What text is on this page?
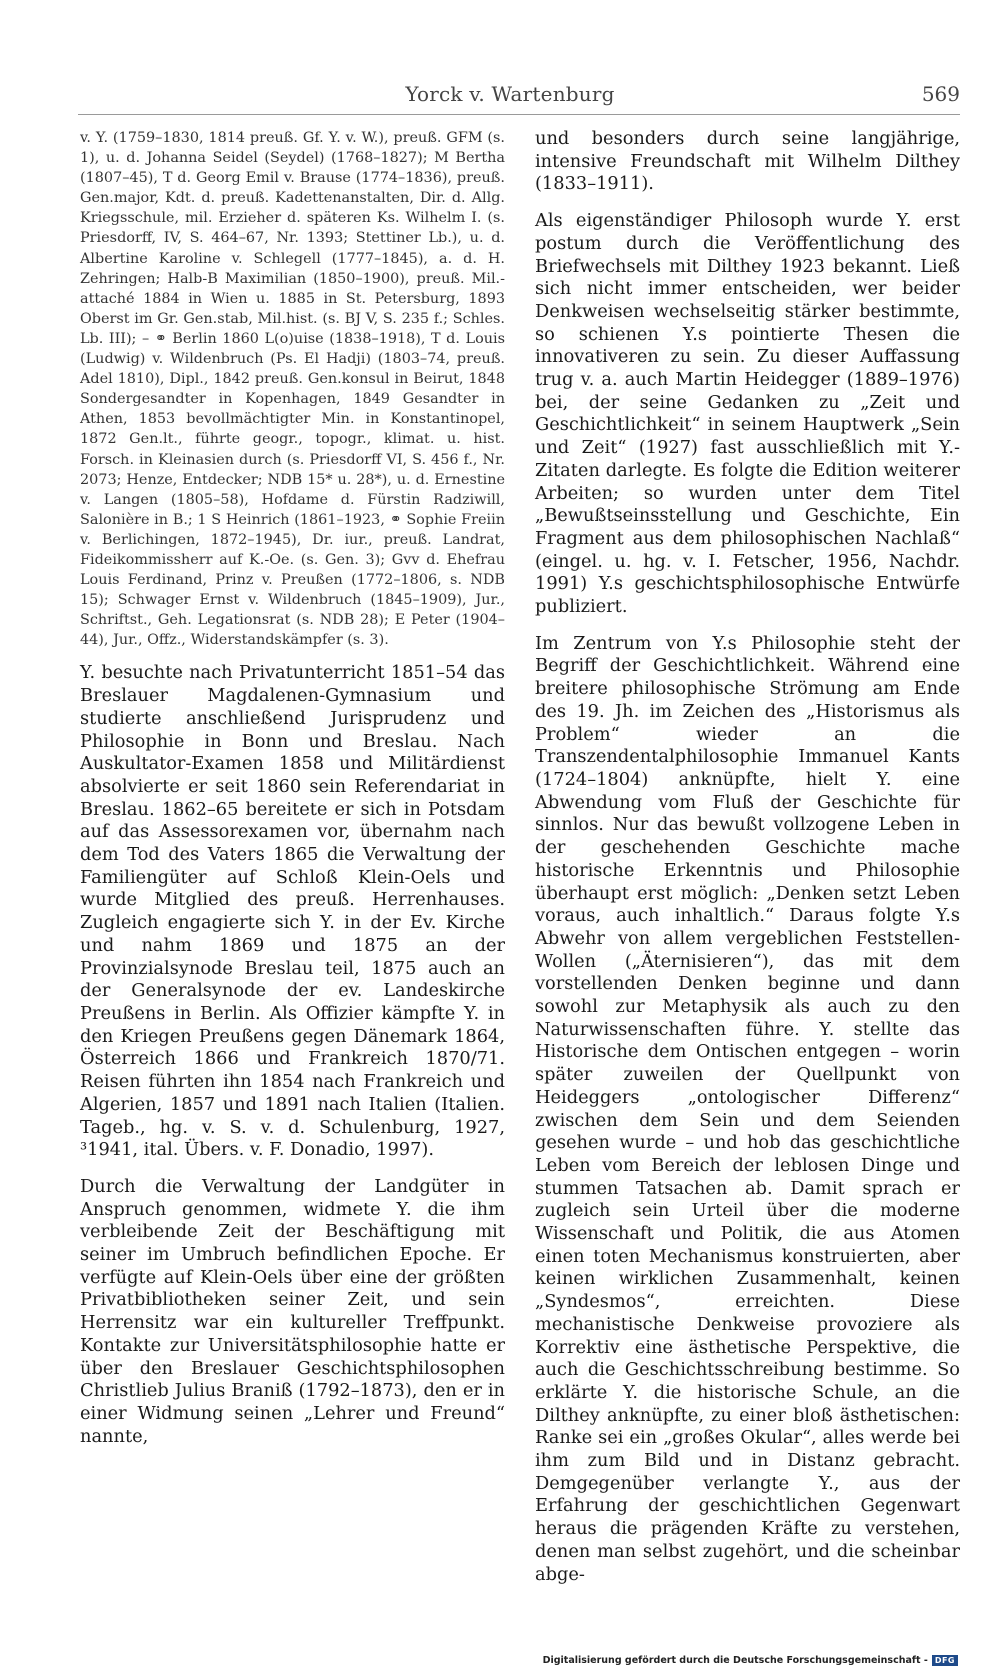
Yorck v. Wartenburg	569

v. Y. (1759–1830, 1814 preuß. Gf. Y. v. W.), preuß. GFM (s. 1), u. d. Johanna Seidel (Seydel) (1768–1827); M Bertha (1807–45), T d. Georg Emil v. Brause (1774–1836), preuß. Gen.major, Kdt. d. preuß. Kadettenanstalten, Dir. d. Allg. Kriegsschule, mil. Erzieher d. späteren Ks. Wilhelm I. (s. Priesdorff, IV, S. 464–67, Nr. 1393; Stettiner Lb.), u. d. Albertine Karoline v. Schlegell (1777–1845), a. d. H. Zehringen; Halb-B Maximilian (1850–1900), preuß. Mil.-attaché 1884 in Wien u. 1885 in St. Petersburg, 1893 Oberst im Gr. Gen.stab, Mil.hist. (s. BJ V, S. 235 f.; Schles. Lb. III); – ⚭ Berlin 1860 L(o)uise (1838–1918), T d. Louis (Ludwig) v. Wildenbruch (Ps. El Hadji) (1803–74, preuß. Adel 1810), Dipl., 1842 preuß. Gen.konsul in Beirut, 1848 Sondergesandter in Kopenhagen, 1849 Gesandter in Athen, 1853 bevollmächtigter Min. in Konstantinopel, 1872 Gen.lt., führte geogr., topogr., klimat. u. hist. Forsch. in Kleinasien durch (s. Priesdorff VI, S. 456 f., Nr. 2073; Henze, Entdecker; NDB 15* u. 28*), u. d. Ernestine v. Langen (1805–58), Hofdame d. Fürstin Radziwill, Salonière in B.; 1 S Heinrich (1861–1923, ⚭ Sophie Freiin v. Berlichingen, 1872–1945), Dr. iur., preuß. Landrat, Fideikommissherr auf K.-Oe. (s. Gen. 3); Gvv d. Ehefrau Louis Ferdinand, Prinz v. Preußen (1772–1806, s. NDB 15); Schwager Ernst v. Wildenbruch (1845–1909), Jur., Schriftst., Geh. Legationsrat (s. NDB 28); E Peter (1904–44), Jur., Offz., Widerstandskämpfer (s. 3).

Y. besuchte nach Privatunterricht 1851–54 das Breslauer Magdalenen-Gymnasium und studierte anschließend Jurisprudenz und Philosophie in Bonn und Breslau. Nach Auskultator-Examen 1858 und Militärdienst absolvierte er seit 1860 sein Referendariat in Breslau. 1862–65 bereitete er sich in Potsdam auf das Assessorexamen vor, übernahm nach dem Tod des Vaters 1865 die Verwaltung der Familiengüter auf Schloß Klein-Oels und wurde Mitglied des preuß. Herrenhauses. Zugleich engagierte sich Y. in der Ev. Kirche und nahm 1869 und 1875 an der Provinzialsynode Breslau teil, 1875 auch an der Generalsynode der ev. Landeskirche Preußens in Berlin. Als Offizier kämpfte Y. in den Kriegen Preußens gegen Dänemark 1864, Österreich 1866 und Frankreich 1870/71. Reisen führten ihn 1854 nach Frankreich und Algerien, 1857 und 1891 nach Italien (Italien. Tageb., hg. v. S. v. d. Schulenburg, 1927, ³1941, ital. Übers. v. F. Donadio, 1997).

Durch die Verwaltung der Landgüter in Anspruch genommen, widmete Y. die ihm verbleibende Zeit der Beschäftigung mit seiner im Umbruch befindlichen Epoche. Er verfügte auf Klein-Oels über eine der größten Privatbibliotheken seiner Zeit, und sein Herrensitz war ein kultureller Treffpunkt. Kontakte zur Universitätsphilosophie hatte er über den Breslauer Geschichtsphilosophen Christlieb Julius Braniß (1792–1873), den er in einer Widmung seinen „Lehrer und Freund“ nannte,

und besonders durch seine langjährige, intensive Freundschaft mit Wilhelm Dilthey (1833–1911).

Als eigenständiger Philosoph wurde Y. erst postum durch die Veröffentlichung des Briefwechsels mit Dilthey 1923 bekannt. Ließ sich nicht immer entscheiden, wer beider Denkweisen wechselseitig stärker bestimmte, so schienen Y.s pointierte Thesen die innovativeren zu sein. Zu dieser Auffassung trug v. a. auch Martin Heidegger (1889–1976) bei, der seine Gedanken zu „Zeit und Geschichtlichkeit“ in seinem Hauptwerk „Sein und Zeit“ (1927) fast ausschließlich mit Y.-Zitaten darlegte. Es folgte die Edition weiterer Arbeiten; so wurden unter dem Titel „Bewußtseinsstellung und Geschichte, Ein Fragment aus dem philosophischen Nachlaß“ (eingel. u. hg. v. I. Fetscher, 1956, Nachdr. 1991) Y.s geschichtsphilosophische Entwürfe publiziert.

Im Zentrum von Y.s Philosophie steht der Begriff der Geschichtlichkeit. Während eine breitere philosophische Strömung am Ende des 19. Jh. im Zeichen des „Historismus als Problem“ wieder an die Transzendentalphilosophie Immanuel Kants (1724–1804) anknüpfte, hielt Y. eine Abwendung vom Fluß der Geschichte für sinnlos. Nur das bewußt vollzogene Leben in der geschehenden Geschichte mache historische Erkenntnis und Philosophie überhaupt erst möglich: „Denken setzt Leben voraus, auch inhaltlich.“ Daraus folgte Y.s Abwehr von allem vergeblichen Feststellen-Wollen („Äternisieren“), das mit dem vorstellenden Denken beginne und dann sowohl zur Metaphysik als auch zu den Naturwissenschaften führe. Y. stellte das Historische dem Ontischen entgegen – worin später zuweilen der Quellpunkt von Heideggers „ontologischer Differenz“ zwischen dem Sein und dem Seienden gesehen wurde – und hob das geschichtliche Leben vom Bereich der leblosen Dinge und stummen Tatsachen ab. Damit sprach er zugleich sein Urteil über die moderne Wissenschaft und Politik, die aus Atomen einen toten Mechanismus konstruierten, aber keinen wirklichen Zusammenhalt, keinen „Syndesmos“, erreichten. Diese mechanistische Denkweise provoziere als Korrektiv eine ästhetische Perspektive, die auch die Geschichtsschreibung bestimme. So erklärte Y. die historische Schule, an die Dilthey anknüpfte, zu einer bloß ästhetischen: Ranke sei ein „großes Okular“, alles werde bei ihm zum Bild und in Distanz gebracht. Demgegenüber verlangte Y., aus der Erfahrung der geschichtlichen Gegenwart heraus die prägenden Kräfte zu verstehen, denen man selbst zugehört, und die scheinbar abge-

Digitalisierung gefördert durch die Deutsche Forschungsgemeinschaft - DFG
